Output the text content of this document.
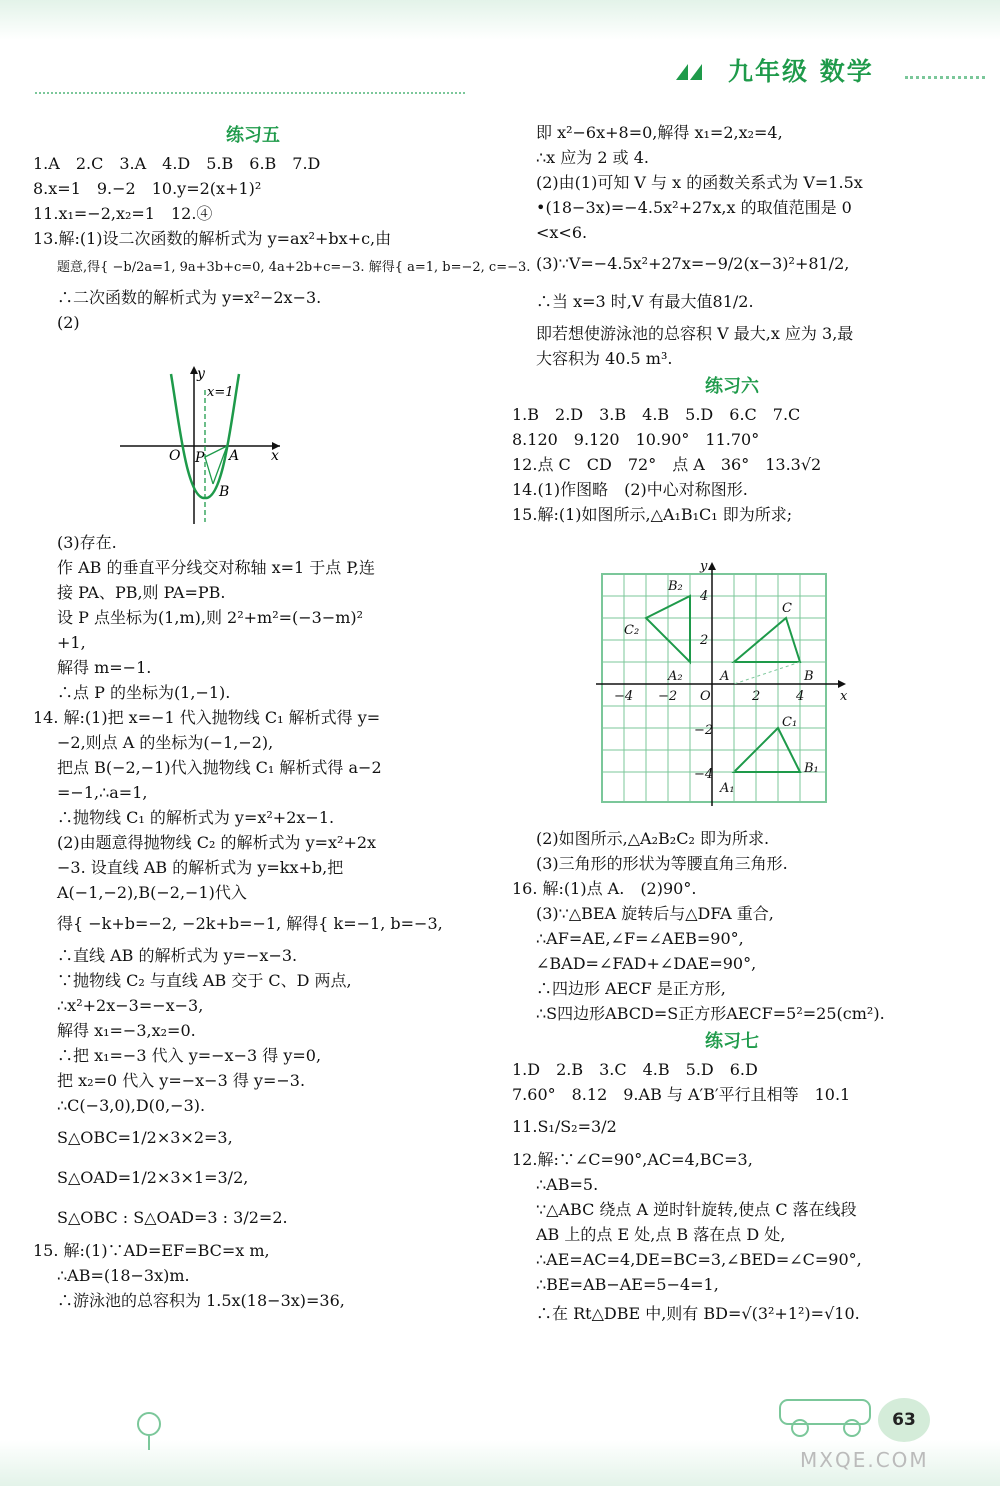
九年级 数学
练习五

1.A　2.C　3.A　4.D　5.B　6.B　7.D

8.x=1　9.−2　10.y=2(x+1)²

11.x₁=−2,x₂=1　12.④

13.解:(1)设二次函数的解析式为 y=ax²+bx+c,由

题意,得{ −b/2a=1, 9a+3b+c=0, 4a+2b+c=−3. 解得{ a=1, b=−2, c=−3.

∴二次函数的解析式为 y=x²−2x−3.

(2)

y
x
x=1
O P A
B

(3)存在.

作 AB 的垂直平分线交对称轴 x=1 于点 P,连

接 PA、PB,则 PA=PB.

设 P 点坐标为(1,m),则 2²+m²=(−3−m)²

+1,

解得 m=−1.

∴点 P 的坐标为(1,−1).

14. 解:(1)把 x=−1 代入抛物线 C₁ 解析式得 y=

−2,则点 A 的坐标为(−1,−2),

把点 B(−2,−1)代入抛物线 C₁ 解析式得 a−2

=−1,∴a=1,

∴抛物线 C₁ 的解析式为 y=x²+2x−1.

(2)由题意得抛物线 C₂ 的解析式为 y=x²+2x

−3. 设直线 AB 的解析式为 y=kx+b,把

A(−1,−2),B(−2,−1)代入

得{ −k+b=−2, −2k+b=−1, 解得{ k=−1, b=−3,

∴直线 AB 的解析式为 y=−x−3.

∵抛物线 C₂ 与直线 AB 交于 C、D 两点,

∴x²+2x−3=−x−3,

解得 x₁=−3,x₂=0.

∴把 x₁=−3 代入 y=−x−3 得 y=0,

把 x₂=0 代入 y=−x−3 得 y=−3.

∴C(−3,0),D(0,−3).

S△OBC=1/2×3×2=3,

S△OAD=1/2×3×1=3/2,

S△OBC : S△OAD=3 : 3/2=2.

15. 解:(1)∵AD=EF=BC=x m,

∴AB=(18−3x)m.

∴游泳池的总容积为 1.5x(18−3x)=36,

即 x²−6x+8=0,解得 x₁=2,x₂=4,

∴x 应为 2 或 4.

(2)由(1)可知 V 与 x 的函数关系式为 V=1.5x

•(18−3x)=−4.5x²+27x,x 的取值范围是 0

<x<6.

(3)∵V=−4.5x²+27x=−9/2(x−3)²+81/2,

∴当 x=3 时,V 有最大值81/2.

即若想使游泳池的总容积 V 最大,x 应为 3,最

大容积为 40.5 m³.

练习六

1.B　2.D　3.B　4.B　5.D　6.C　7.C

8.120　9.120　10.90°　11.70°

12.点 C　CD　72°　点 A　36°　13.3√2

14.(1)作图略　(2)中心对称图形.

15.解:(1)如图所示,△A₁B₁C₁ 即为所求;

y
x
O
−4 −2	2	4
4
2
−2
−4
A	B
C
A₁
B₁
C₁
A₂
B₂
C₂

(2)如图所示,△A₂B₂C₂ 即为所求.

(3)三角形的形状为等腰直角三角形.

16. 解:(1)点 A.　(2)90°.

(3)∵△BEA 旋转后与△DFA 重合,

∴AF=AE,∠F=∠AEB=90°,

∠BAD=∠FAD+∠DAE=90°,

∴四边形 AECF 是正方形,

∴S四边形ABCD=S正方形AECF=5²=25(cm²).

练习七

1.D　2.B　3.C　4.B　5.D　6.D

7.60°　8.12　9.AB 与 A′B′平行且相等　10.1

11.S₁/S₂=3/2

12.解:∵∠C=90°,AC=4,BC=3,

∴AB=5.

∵△ABC 绕点 A 逆时针旋转,使点 C 落在线段

AB 上的点 E 处,点 B 落在点 D 处,

∴AE=AC=4,DE=BC=3,∠BED=∠C=90°,

∴BE=AB−AE=5−4=1,

∴在 Rt△DBE 中,则有 BD=√(3²+1²)=√10.

63
MXQE.COM
